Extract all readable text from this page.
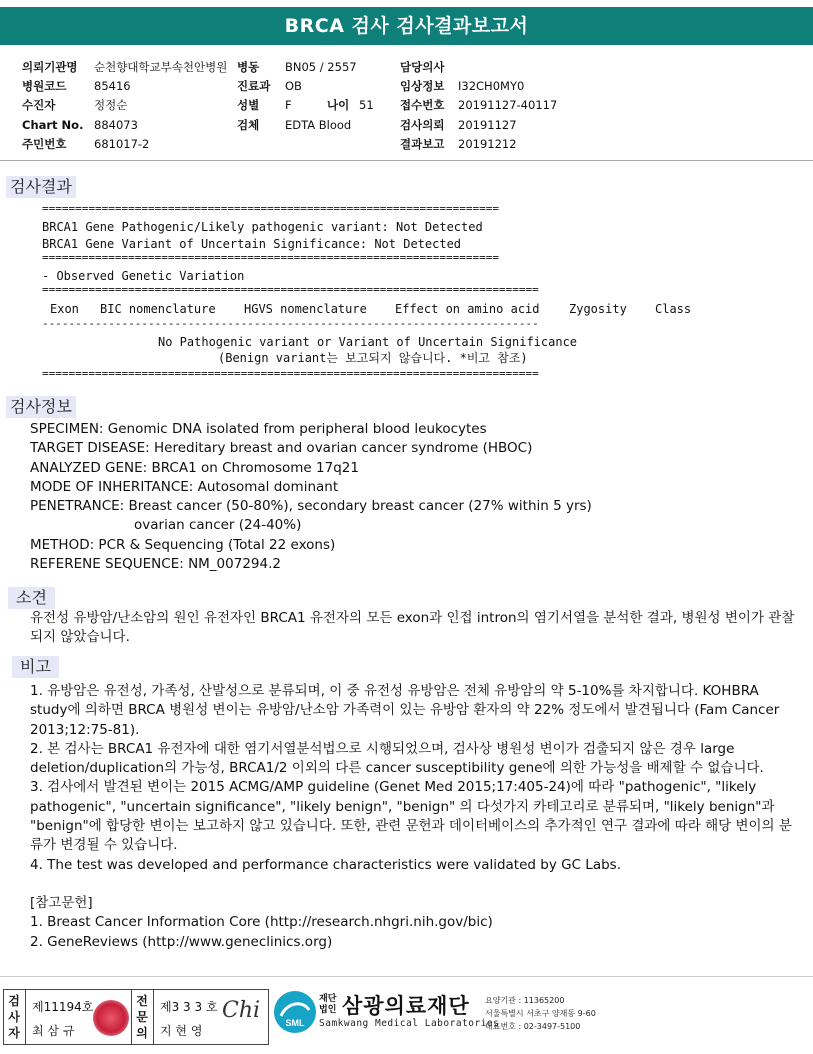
BRCA 검사 검사결과보고서
의뢰기관명 순천향대학교부속천안병원
병원코드 85416
수진자	정정순
Chart No. 884073
주민번호 681017-2
병동 BN05 / 2557
진료과 OB
성별 F	나이 51
검체 EDTA Blood
담당의사
임상정보 I32CH0MY0
접수번호 20191127-40117
검사의뢰 20191127
결과보고 20191212
검사결과
=====================================================================
BRCA1 Gene Pathogenic/Likely pathogenic variant: Not Detected
BRCA1 Gene Variant of Uncertain Significance: Not Detected
=====================================================================
- Observed Genetic Variation
===========================================================================
Exon BIC nomenclature HGVS nomenclature Effect on amino acid Zygosity Class
---------------------------------------------------------------------------
No Pathogenic variant or Variant of Uncertain Significance
(Benign variant는 보고되지 않습니다. *비고 참조)
===========================================================================
검사정보
SPECIMEN: Genomic DNA isolated from peripheral blood leukocytes
TARGET DISEASE: Hereditary breast and ovarian cancer syndrome (HBOC)
ANALYZED GENE: BRCA1 on Chromosome 17q21
MODE OF INHERITANCE: Autosomal dominant
PENETRANCE: Breast cancer (50-80%), secondary breast cancer (27% within 5 yrs)
ovarian cancer (24-40%)
METHOD: PCR & Sequencing (Total 22 exons)
REFERENE SEQUENCE: NM_007294.2
소견
유전성 유방암/난소암의 원인 유전자인 BRCA1 유전자의 모든 exon과 인접 intron의 염기서열을 분석한 결과, 병원성 변이가 관찰되지 않았습니다.
비고
1. 유방암은 유전성, 가족성, 산발성으로 분류되며, 이 중 유전성 유방암은 전체 유방암의 약 5-10%를 차지합니다. KOHBRA study에 의하면 BRCA 병원성 변이는 유방암/난소암 가족력이 있는 유방암 환자의 약 22% 정도에서 발견됩니다 (Fam Cancer 2013;12:75-81).
2. 본 검사는 BRCA1 유전자에 대한 염기서열분석법으로 시행되었으며, 검사상 병원성 변이가 검출되지 않은 경우 large deletion/duplication의 가능성, BRCA1/2 이외의 다른 cancer susceptibility gene에 의한 가능성을 배제할 수 없습니다.
3. 검사에서 발견된 변이는 2015 ACMG/AMP guideline (Genet Med 2015;17:405-24)에 따라 "pathogenic", "likely pathogenic", "uncertain significance", "likely benign", "benign" 의 다섯가지 카테고리로 분류되며, "likely benign"과 "benign"에 합당한 변이는 보고하지 않고 있습니다. 또한, 관련 문헌과 데이터베이스의 추가적인 연구 결과에 따라 해당 변이의 분류가 변경될 수 있습니다.
4. The test was developed and performance characteristics were validated by GC Labs.
[참고문헌]
1. Breast Cancer Information Core (http://research.nhgri.nih.gov/bic)
2. GeneReviews (http://www.geneclinics.org)
검사자
제11194호
최 삼 규
전문의
제3 3 3 호
지 현 영
Chi	SML
재단법인 삼광의료재단
Samkwang Medical Laboratories
요양기관 : 11365200
서울특별시 서초구 양재동 9-60
대표번호 : 02-3497-5100
